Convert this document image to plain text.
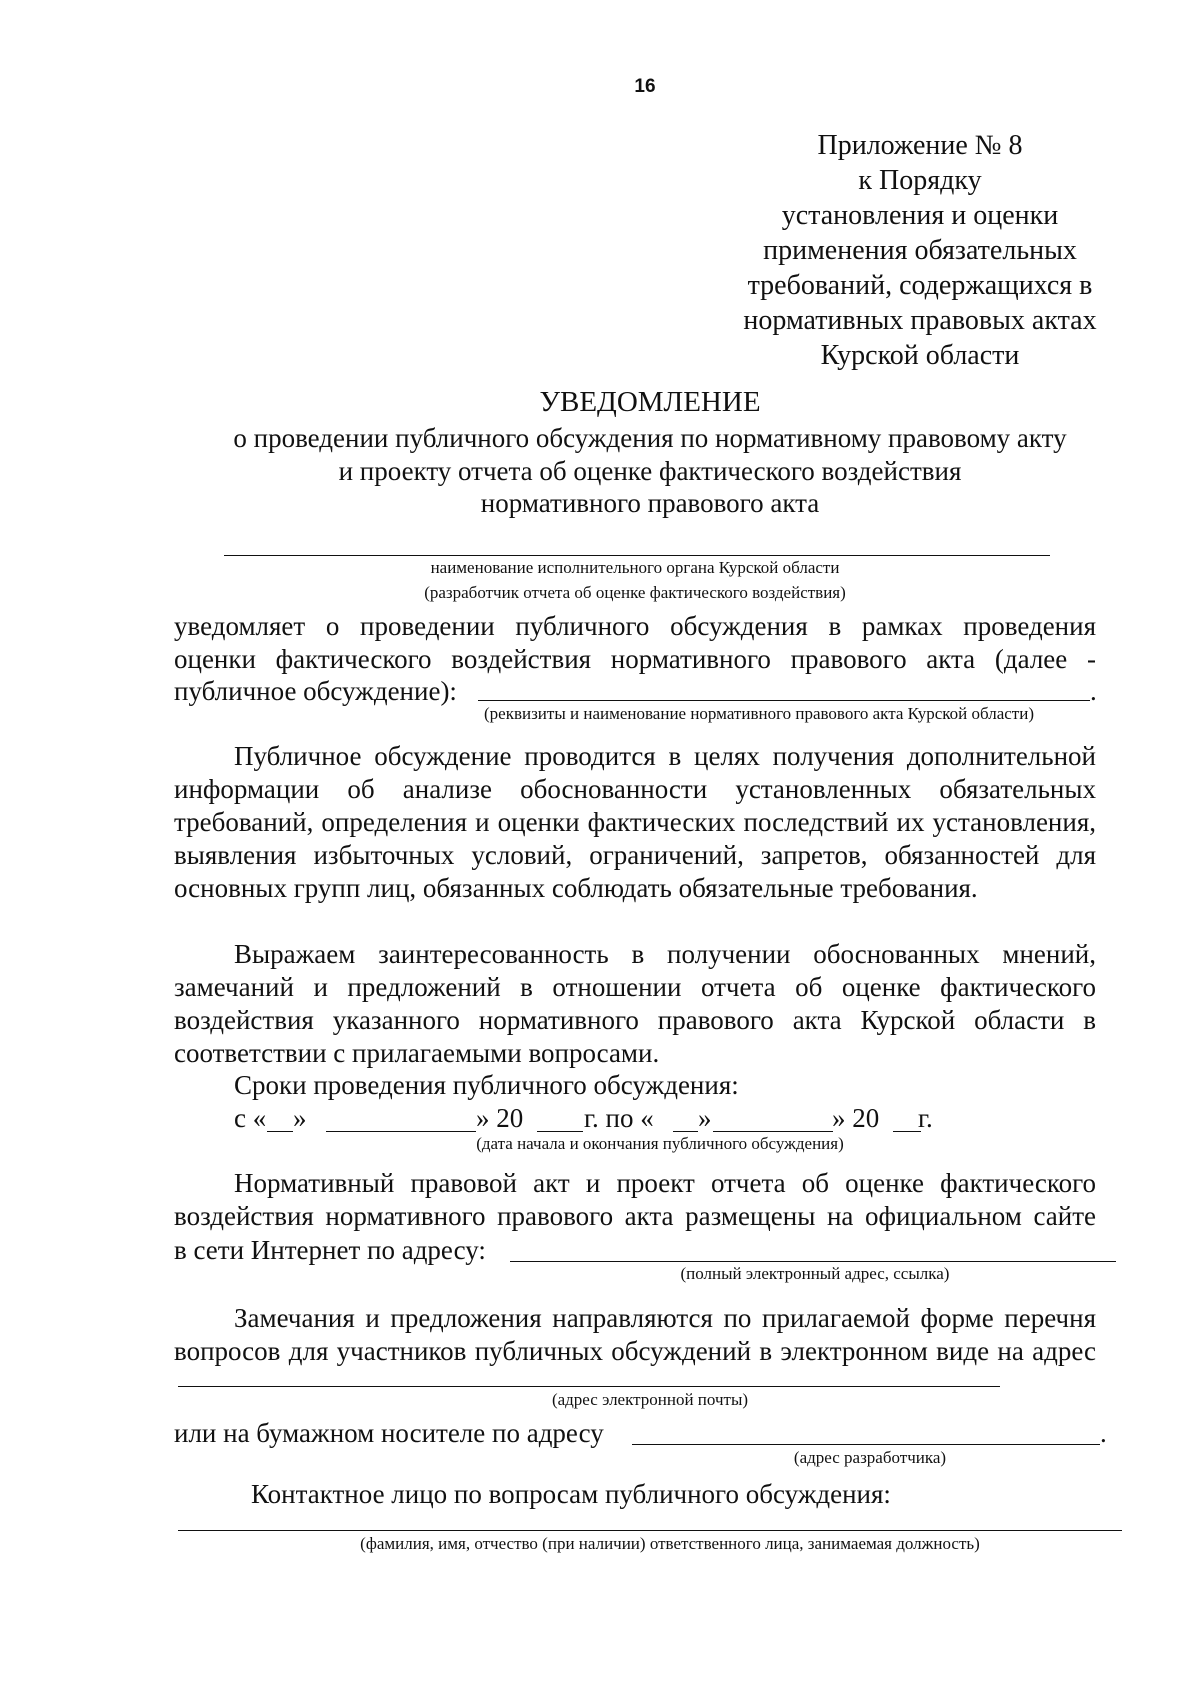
16
Приложение № 8
к Порядку
установления и оценки
применения обязательных
требований, содержащихся в
нормативных правовых актах
Курской области
УВЕДОМЛЕНИЕ
о проведении публичного обсуждения по нормативному правовому акту
и проекту отчета об оценке фактического воздействия
нормативного правового акта
наименование исполнительного органа Курской области
(разработчик отчета об оценке фактического воздействия)
уведомляет о проведении публичного обсуждения в рамках проведения
оценки фактического воздействия нормативного правового акта (далее -
публичное обсуждение):	.
(реквизиты и наименование нормативного правового акта Курской области)
Публичное обсуждение проводится в целях получения дополнительной информации об анализе обоснованности установленных обязательных требований, определения и оценки фактических последствий их установления, выявления избыточных условий, ограничений, запретов, обязанностей для основных групп лиц, обязанных соблюдать обязательные требования.
Выражаем заинтересованность в получении обоснованных мнений, замечаний и предложений в отношении отчета об оценке фактического воздействия указанного нормативного правового акта Курской области в соответствии с прилагаемыми вопросами.
Сроки проведения публичного обсуждения:
с « »	» 20 г. по « »	» 20 г.
(дата начала и окончания публичного обсуждения)
Нормативный правовой акт и проект отчета об оценке фактического воздействия нормативного правового акта размещены на официальном сайте
в сети Интернет по адресу:
(полный электронный адрес, ссылка)
Замечания и предложения направляются по прилагаемой форме перечня вопросов для участников публичных обсуждений в электронном виде на адрес
(адрес электронной почты)
или на бумажном носителе по адресу	.
(адрес разработчика)
Контактное лицо по вопросам публичного обсуждения:
(фамилия, имя, отчество (при наличии) ответственного лица, занимаемая должность)
